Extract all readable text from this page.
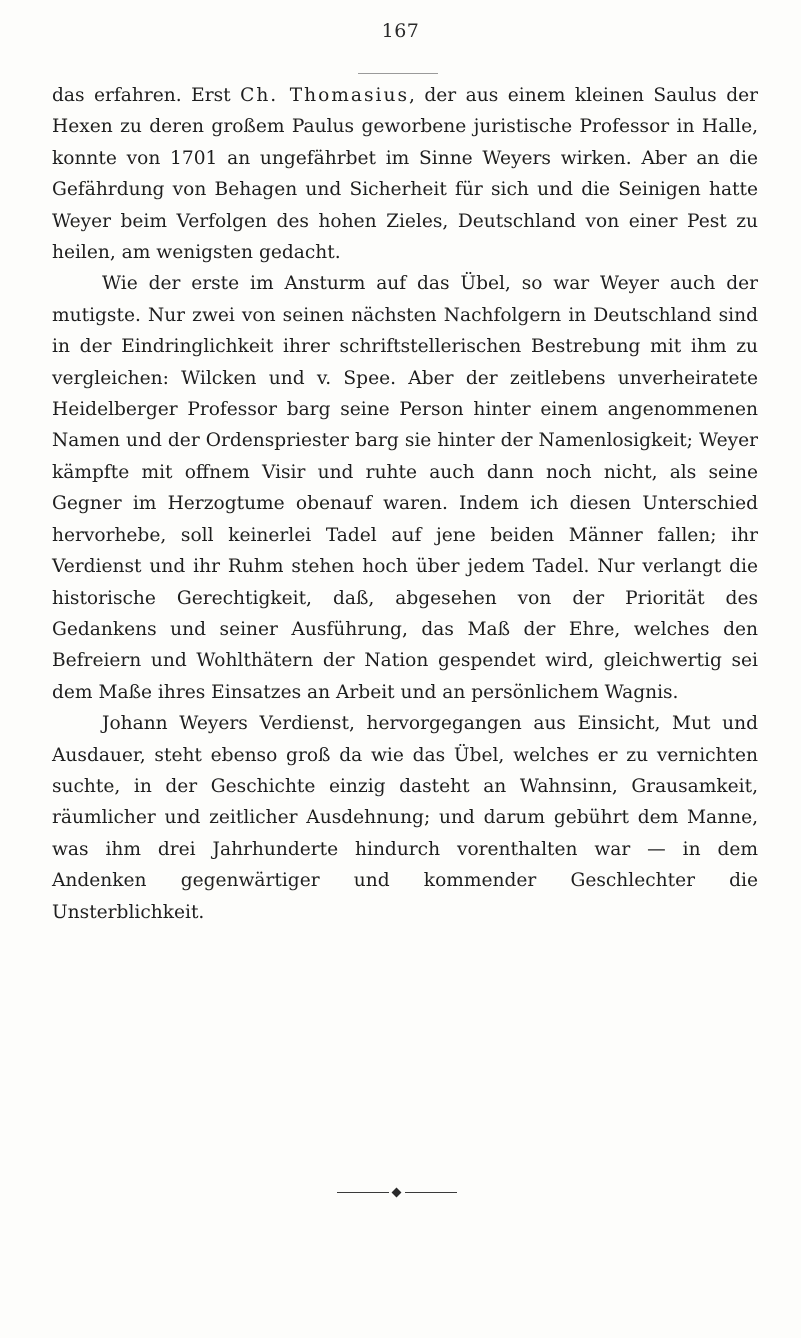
167

das erfahren. Erst Ch. Thomasius, der aus einem kleinen Saulus der Hexen zu deren großem Paulus geworbene juristische Professor in Halle, konnte von 1701 an ungefährbet im Sinne Weyers wirken. Aber an die Gefährdung von Behagen und Sicherheit für sich und die Seinigen hatte Weyer beim Verfolgen des hohen Zieles, Deutschland von einer Pest zu heilen, am wenigsten gedacht.

Wie der erste im Ansturm auf das Übel, so war Weyer auch der mutigste. Nur zwei von seinen nächsten Nachfolgern in Deutschland sind in der Eindringlichkeit ihrer schriftstellerischen Bestrebung mit ihm zu vergleichen: Wilcken und v. Spee. Aber der zeitlebens unverheiratete Heidelberger Professor barg seine Person hinter einem angenommenen Namen und der Ordenspriester barg sie hinter der Namenlosigkeit; Weyer kämpfte mit offnem Visir und ruhte auch dann noch nicht, als seine Gegner im Herzogtume obenauf waren. Indem ich diesen Unterschied hervorhebe, soll keinerlei Tadel auf jene beiden Männer fallen; ihr Verdienst und ihr Ruhm stehen hoch über jedem Tadel. Nur verlangt die historische Gerechtigkeit, daß, abgesehen von der Priorität des Gedankens und seiner Ausführung, das Maß der Ehre, welches den Befreiern und Wohlthätern der Nation gespendet wird, gleichwertig sei dem Maße ihres Einsatzes an Arbeit und an persönlichem Wagnis.

Johann Weyers Verdienst, hervorgegangen aus Einsicht, Mut und Ausdauer, steht ebenso groß da wie das Übel, welches er zu vernichten suchte, in der Geschichte einzig dasteht an Wahnsinn, Grausamkeit, räumlicher und zeitlicher Ausdehnung; und darum gebührt dem Manne, was ihm drei Jahrhunderte hindurch vorenthalten war — in dem Andenken gegenwärtiger und kommender Geschlechter die Unsterblichkeit.
